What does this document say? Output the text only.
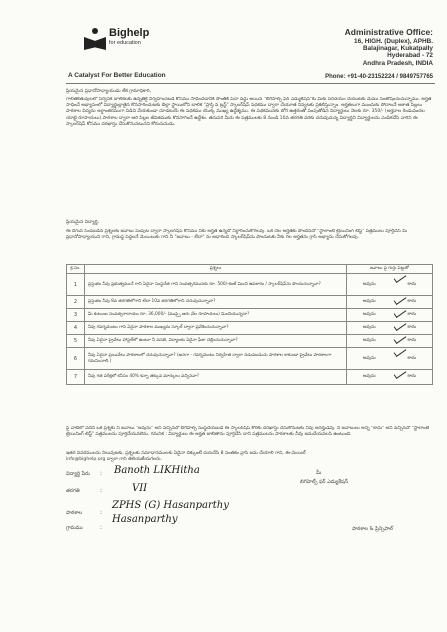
Bighelp
for education
A Catalyst For Better Education
Administrative Office:
16, HIGH. (Duplex), APHB.
Balajinagar, Kukatpally
Hyderabad - 72
Andhra Pradesh, INDIA
Phone: +91-40-23152224 / 9849757765
ప్రియమైన ప్రధానోపాధ్యాయుడు లేక గ్రామాధికారి,
గాలితకేతువులలో సర్వేసక బాలికలకు ఉన్నతికై నిర్వహించబడే కోసము సాధించడానికి సొంతికి పేదా వద్ధు అయిన "బిగిహెల్ప్ ఫర్ ఎడ్యుకేషన్"కు మీకు పరిచయం చేయుటకు మేము సంతోషించుచున్నాము. అర్హత సాధించే అభ్యాసంలో విద్యార్థుల్లాతైన కొనసాగించుటకు బిల్లా స్థాయిలోని బాలిక "ప్రాప్తి వ ట్రస్ట్" స్కాలర్‌షిప్ పథకము ద్వారా చేయూత నివ్వటకు ప్రకటిస్తున్నాం. అర్హతలుగా ముందుకు పోవాలనే ఆశాత పిల్లలు పాఠశాల విద్యను అర్ధాంతరముగా విడిచి వేయకుండా చూడటయే ఈ పథకము యొక్క ముఖ్య ఉద్దేశ్యము. ఈ పథకమునకు బోర ఉత్తరంతో పంపుతోడిన విద్యార్థులు నెలకు రూ. 350/- (అర్హదాల రెండువందల యాభై రూపాయలు) పాఠశాల ద్వారా ఆరి పిల్లల జీవితముకు కొనసాగించే ఉద్దేశం. తదుపరి మీరు ఈ పత్రములకు 8 నుండి 10వ తరగతి వరకు చదువుచున్న విద్యార్థిని విద్యార్థులను ఎంపికచేసి వారిని ఈ స్కాలర్‌షిప్ కోసము దరఖాస్తు చేసుకొనునటునని కోరుచునుడు.
ప్రియమైన విద్యార్థి,
ఈ దిగువ సీంపబడిన ప్రశ్నలకు జవాబు పంపుట ద్వారా స్కాలర్‌షిప్ కోసము నీకు అర్హత ఉన్నదో నిర్దారించుకోగలవు. ఒక చేల అర్హతకు పొందినచో "స్టాలాంటే ట్రెయినింగ్ టెస్ట్" పత్రములు పూర్తిచేసి మీ ప్రధానోపాధ్యాయుని గాని, గ్రామస్థ పెద్దలనే మెయిలుకు గాని నీ "జవాబు - లేదా" ను ఆధారించి స్కాలర్‌షిప్‌ను పొందుటకు నీకు గల అర్హతను గ్రాసి అభ్యాసు చేసుకోగలవు.
క్ర.సం.	ప్రశ్నలు	జవాబు పై గుర్తు పెట్టుకో
1	ప్రస్తుతం నీవు ప్రభుత్వముచే గాని ఏదైనా సంస్థచేత గాని సంవత్సరమునకు రూ. 500/-కంటే మించి ఉపకారం / స్కాలర్‌షిప్‌ను పొందుచున్నావా?	అవును కాదు

2	ప్రస్తుతం నీవు 8వ తరగతిలోగాని లేదా 10వ తరగతిలోగాని చదువుచున్నావా?	అవును కాదు

3	మీ కుటుంబ సంవత్సరాదాయం రూ. 36,000/- (ముప్పై ఆరు వేల రూపాయలు) మించియున్నదా?	అవును కాదు

4	నీవు గవర్నమెంటు గాని ఏదైనా పాఠశాల ముఖ్యమ స్కూల్ ద్వారా ప్రవేశించుచున్నావా?	అవును కాదు

5	నీవు ఏదైనా ప్రైవేటు హాస్టల్‌లో ఉంటూ నీ వసతి, విద్యాలకు ఏదైనా ఫీజు చెల్లించుచున్నావా?	అవును కాదు

6	నీవు ఏదైనా ప్రయివేటు పాఠశాలలో చదువుచున్నావా? (అనగా - గవర్నమెంటు నిర్వహిత ద్వారా నడుపబడుచు పాఠశాల కాకుండా ప్రైవేటు పాఠశాలగా గమనించాలి.)	అవును కాదు

7	నీవు గత పరీక్షలో కనీసం 40% కన్నా తక్కువ మార్కులు వచ్చినవా?	అవును కాదు
పై వాటిలో ఏదేని ఒక ప్రశ్నకు నీ జవాబు "అవును" అని వచ్చినచో బిగిహెల్ప్ సంస్థచేయబడే ఈ స్కాలర్‌షిప్ కొరకు దరఖాస్తు చేసుకొనుటకు నీవు అనర్హుడవు. నీ జవాబులు అన్నీ "కాదు" అని వచ్చినచో "స్టాలాంటే ట్రెయినింగ్ టెస్ట్" పత్రములను పూర్తిచేయవలెను. గమనిక : విద్యార్థులు ఈ అర్హత జాబితాను పూర్తిచేసి దాని పత్రములను పాఠశాలకు నీవు జమచేయవలసి ఉంటుంది.
ఇతర వివరములను నిలువుటకు, ప్రశ్నలకు సమాధానములకు ఏదైనా దిక్కుంటే దయచేసి 8 సంతకం వ్రాసి జమ చేయాలి గాని, ఈ-మెయిల్
info@bighelp.org ద్వారా గాని తెలియజేయగలరు.
విద్యార్థి పేరు : Banoth LIKHitha	మీ
బిగిహెల్ప్ ఫర్ ఎడ్యుకేషన్
తరగతి	:	VII
పాఠశాల	:
ZPHS (G) Hasanparthy
గ్రామము	:
Hasanparthy
పాఠశాల & ప్రిన్సిపాల్
